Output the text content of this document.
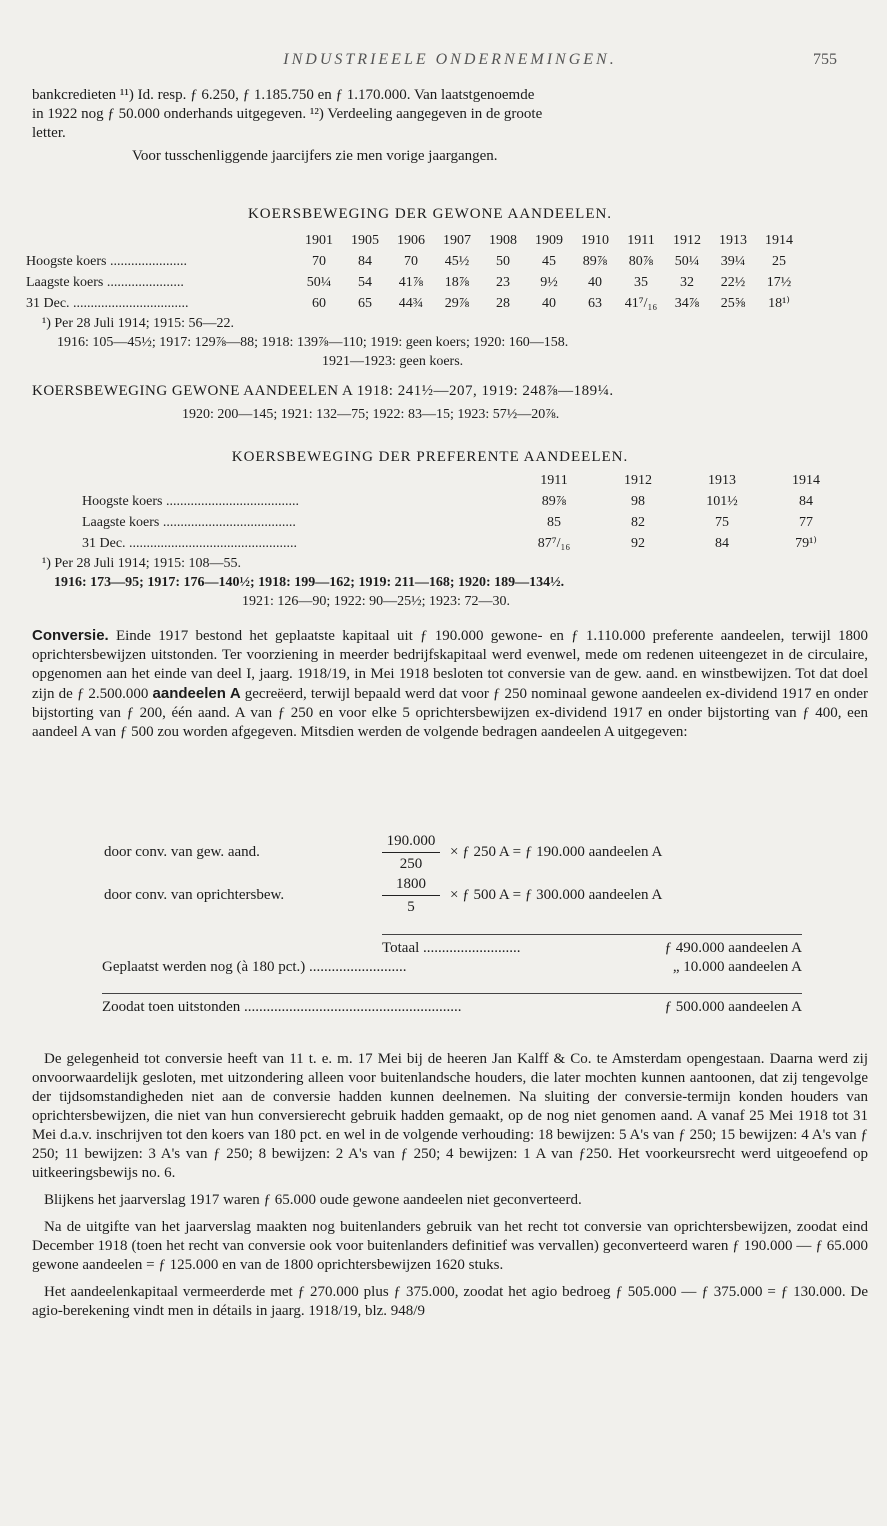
INDUSTRIEELE ONDERNEMINGEN.	755
bankcredieten ¹¹) Id. resp. ƒ 6.250, ƒ 1.185.750 en ƒ 1.170.000. Van laatstgenoemde
in 1922 nog ƒ 50.000 onderhands uitgegeven. ¹²) Verdeeling aangegeven in de groote
letter.
Voor tusschenliggende jaarcijfers zie men vorige jaargangen.
KOERSBEWEGING DER GEWONE AANDEELEN.
	1901	1905	1906	1907	1908	1909	1910	1911	1912	1913	1914
Hoogste koers ......................	70	84	70	45½	50	45	89⅞	80⅞	50¼	39¼	25
Laagste koers ......................	50¼	54	41⅞	18⅞	23	9½	40	35	32	22½	17½
31 Dec. .................................	60	65	44¾	29⅞	28	40	63	41⁷/₁₆	34⅞	25⅝	18¹⁾
¹) Per 28 Juli 1914; 1915: 56—22.
1916: 105—45½; 1917: 129⅞—88; 1918: 139⅞—110; 1919: geen koers; 1920: 160—158.
1921—1923: geen koers.
KOERSBEWEGING GEWONE AANDEELEN A 1918: 241½—207, 1919: 248⅞—189¼.
1920: 200—145; 1921: 132—75; 1922: 83—15; 1923: 57½—20⅞.
KOERSBEWEGING DER PREFERENTE AANDEELEN.
	1911	1912	1913	1914
Hoogste koers ......................................	89⅞	98	101½	84
Laagste koers ......................................	85	82	75	77
31 Dec. ................................................	87⁷/₁₆	92	84	79¹⁾
¹) Per 28 Juli 1914; 1915: 108—55.
1916: 173—95; 1917: 176—140½; 1918: 199—162; 1919: 211—168; 1920: 189—134½.
1921: 126—90; 1922: 90—25½; 1923: 72—30.
Conversie. Einde 1917 bestond het geplaatste kapitaal uit ƒ 190.000 gewone- en ƒ 1.110.000 preferente aandeelen, terwijl 1800 oprichtersbewijzen uitstonden. Ter voorziening in meerder bedrijfskapitaal werd evenwel, mede om redenen uiteengezet in de circulaire, opgenomen aan het einde van deel I, jaarg. 1918/19, in Mei 1918 besloten tot conversie van de gew. aand. en winstbewijzen. Tot dat doel zijn de ƒ 2.500.000 aandeelen A gecreëerd, terwijl bepaald werd dat voor ƒ 250 nominaal gewone aandeelen ex-dividend 1917 en onder bijstorting van ƒ 200, één aand. A van ƒ 250 en voor elke 5 oprichtersbewijzen ex-dividend 1917 en onder bijstorting van ƒ 400, een aandeel A van ƒ 500 zou worden afgegeven. Mitsdien werden de volgende bedragen aandeelen A uitgegeven:
door conv. van gew. aand.	$\frac{190.000}{250}$	× ƒ 250 A = ƒ 190.000 aandeelen A
door conv. van oprichtersbew.	$\frac{1800}{5}$	× ƒ 500 A = ƒ 300.000 aandeelen A
Totaal ..........................	ƒ 490.000 aandeelen A
Geplaatst werden nog (à 180 pct.) ..........................	„ 10.000 aandeelen A
Zoodat toen uitstonden ..........................................................	ƒ 500.000 aandeelen A

De gelegenheid tot conversie heeft van 11 t. e. m. 17 Mei bij de heeren Jan Kalff & Co. te Amsterdam opengestaan. Daarna werd zij onvoorwaardelijk gesloten, met uitzondering alleen voor buitenlandsche houders, die later mochten kunnen aantoonen, dat zij tengevolge der tijdsomstandigheden niet aan de conversie hadden kunnen deelnemen. Na sluiting der conversie-termijn konden houders van oprichtersbewijzen, die niet van hun conversierecht gebruik hadden gemaakt, op de nog niet genomen aand. A vanaf 25 Mei 1918 tot 31 Mei d.a.v. inschrijven tot den koers van 180 pct. en wel in de volgende verhouding: 18 bewijzen: 5 A's van ƒ 250; 15 bewijzen: 4 A's van ƒ 250; 11 bewijzen: 3 A's van ƒ 250; 8 bewijzen: 2 A's van ƒ 250; 4 bewijzen: 1 A van ƒ250. Het voorkeursrecht werd uitgeoefend op uitkeeringsbewijs no. 6.

Blijkens het jaarverslag 1917 waren ƒ 65.000 oude gewone aandeelen niet geconverteerd.

Na de uitgifte van het jaarverslag maakten nog buitenlanders gebruik van het recht tot conversie van oprichtersbewijzen, zoodat eind December 1918 (toen het recht van conversie ook voor buitenlanders definitief was vervallen) geconverteerd waren ƒ 190.000 — ƒ 65.000 gewone aandeelen = ƒ 125.000 en van de 1800 oprichtersbewijzen 1620 stuks.

Het aandeelenkapitaal vermeerderde met ƒ 270.000 plus ƒ 375.000, zoodat het agio bedroeg ƒ 505.000 — ƒ 375.000 = ƒ 130.000. De agio-berekening vindt men in détails in jaarg. 1918/19, blz. 948/9
